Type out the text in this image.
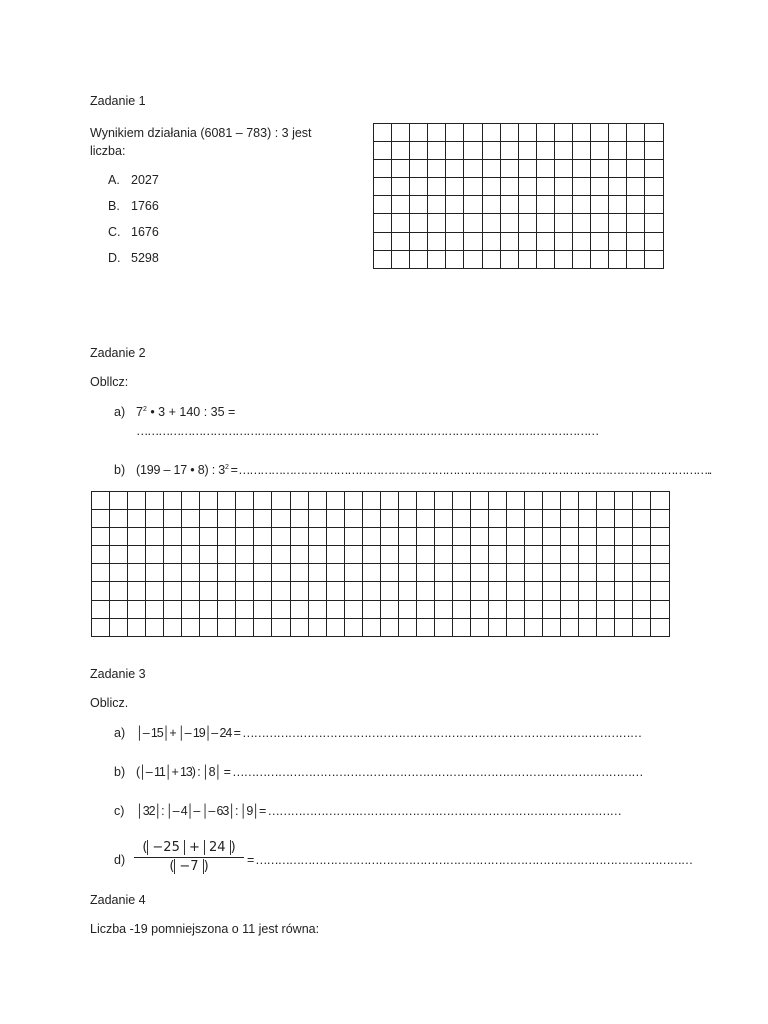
Zadanie 1
Wynikiem działania (6081 – 783) : 3 jest
liczba:
A. 2027
B. 1766
C. 1676
D. 5298

Zadanie 2
Obllcz:
a) $7^2$ • 3 + 140 : 35 =
………………………………………………………………………………………………………………
b) (199 – 17 • 8) : $3^2$ = …………………………………………………………………………………………………………………..

Zadanie 3
Oblicz.
a) │– 15│+ │– 19│– 24 = ……………………………………………………………………………………………
b) (│– 11│+ 13) : │8│ = ………………………………………………………………………………………………
c) │32│: │– 4│– │– 63│: │9│= …………………………………………………………………………………
$d) \frac{( -25 + 24 )}{( -7 )}$ = ………………………………………………………………………………………………………
Zadanie 4
Liczba -19 pomniejszona o 11 jest równa:
